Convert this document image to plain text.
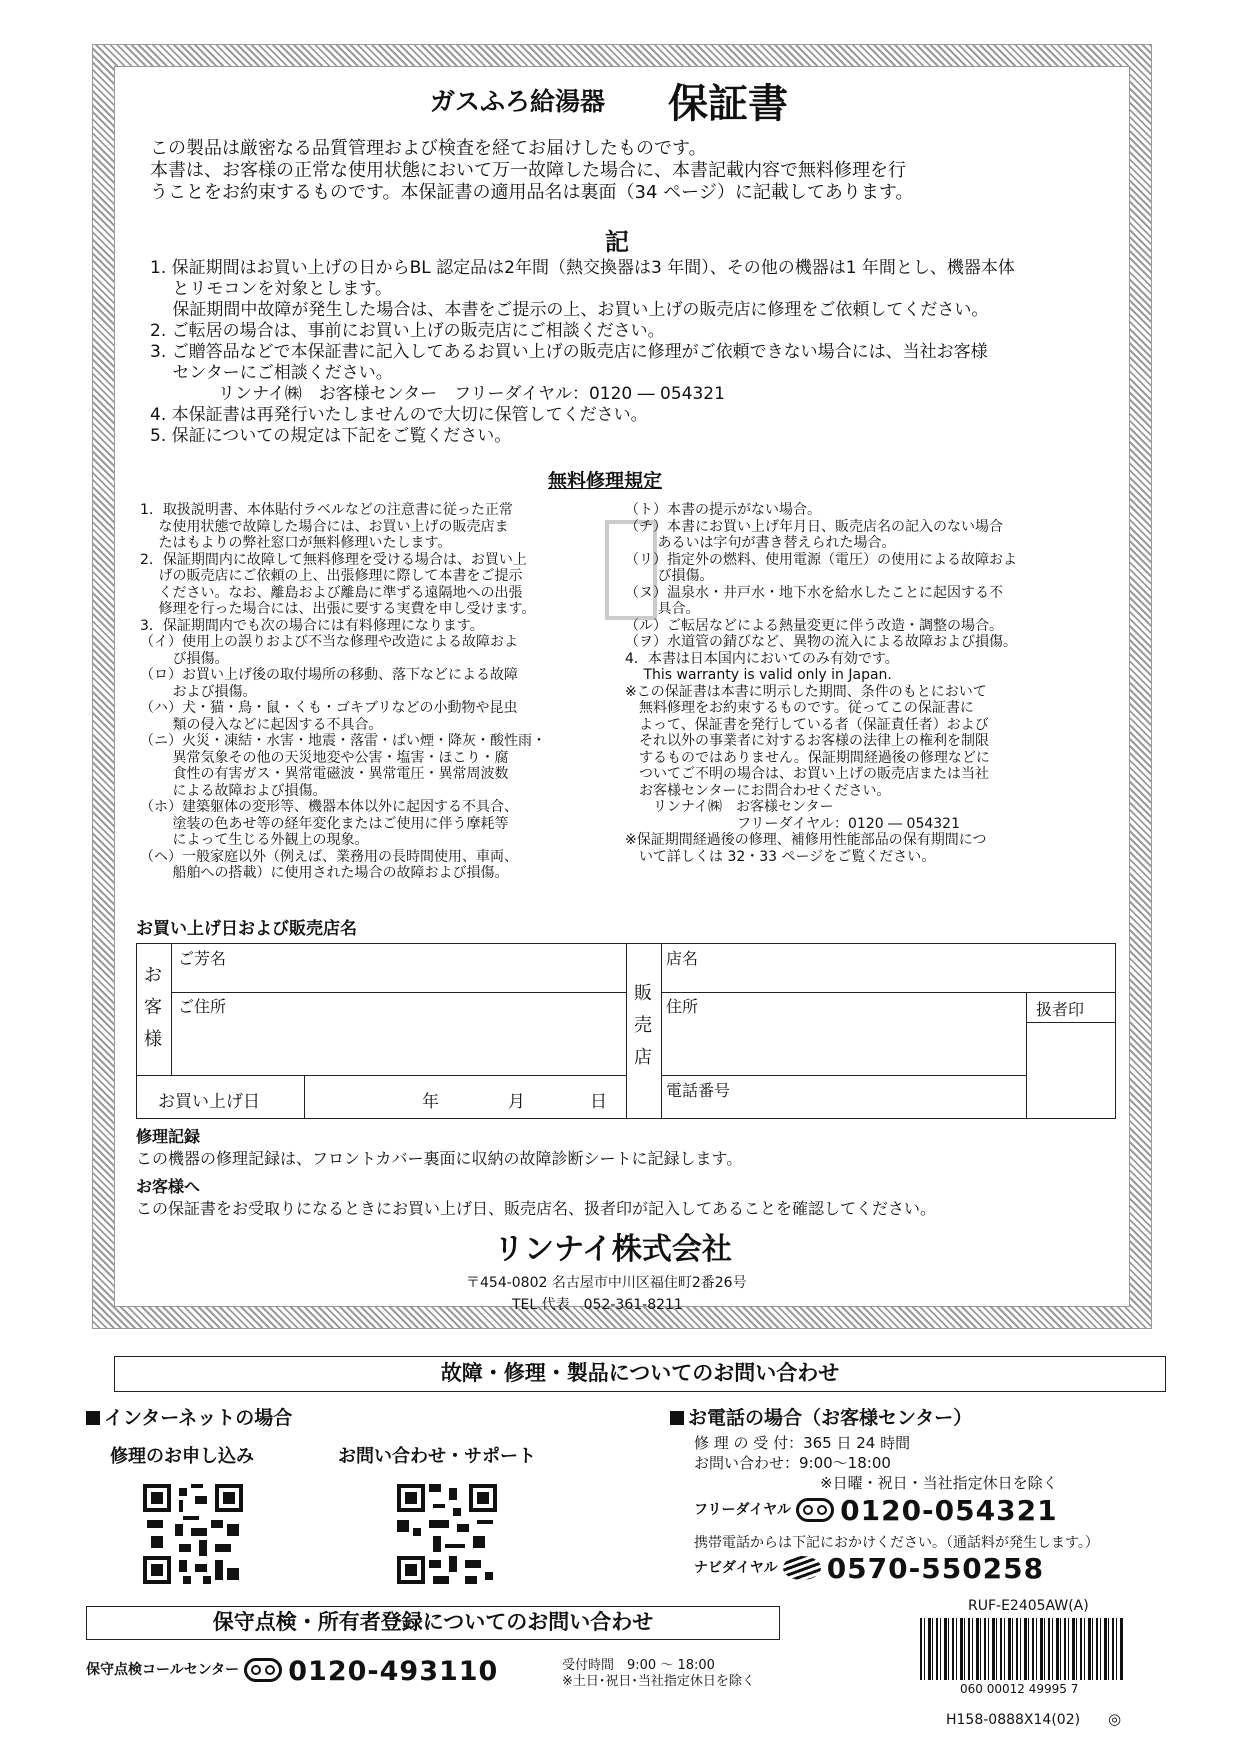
ガスふろ給湯器 保証書
この製品は厳密なる品質管理および検査を経てお届けしたものです。
本書は、お客様の正常な使用状態において万一故障した場合に、本書記載内容で無料修理を行
うことをお約束するものです。本保証書の適用品名は裏面（34 ページ）に記載してあります。
記
1. 保証期間はお買い上げの日からBL 認定品は2年間（熱交換器は3 年間）、その他の機器は1 年間とし、機器本体
　 とリモコンを対象とします。
　 保証期間中故障が発生した場合は、本書をご提示の上、お買い上げの販売店に修理をご依頼してください。
2. ご転居の場合は、事前にお買い上げの販売店にご相談ください。
3. ご贈答品などで本保証書に記入してあるお買い上げの販売店に修理がご依頼できない場合には、当社お客様
　 センターにご相談ください。
　　　　リンナイ㈱　お客様センター　フリーダイヤル：0120 ― 054321
4. 本保証書は再発行いたしませんので大切に保管してください。
5. 保証についての規定は下記をご覧ください。
無料修理規定
1．取扱説明書、本体貼付ラベルなどの注意書に従った正常
　 な使用状態で故障した場合には、お買い上げの販売店ま
　 たはもよりの弊社窓口が無料修理いたします。
2．保証期間内に故障して無料修理を受ける場合は、お買い上
　 げの販売店にご依頼の上、出張修理に際して本書をご提示
　 ください。なお、離島および離島に準ずる遠隔地への出張
　 修理を行った場合には、出張に要する実費を申し受けます。
3．保証期間内でも次の場合には有料修理になります。
（イ）使用上の誤りおよび不当な修理や改造による故障およ
　　 び損傷。
（ロ）お買い上げ後の取付場所の移動、落下などによる故障
　　 および損傷。
（ハ）犬・猫・鳥・鼠・くも・ゴキブリなどの小動物や昆虫
　　 類の侵入などに起因する不具合。
（ニ）火災・凍結・水害・地震・落雷・ばい煙・降灰・酸性雨・
　　 異常気象その他の天災地変や公害・塩害・ほこり・腐
　　 食性の有害ガス・異常電磁波・異常電圧・異常周波数
　　 による故障および損傷。
（ホ）建築躯体の変形等、機器本体以外に起因する不具合、
　　 塗装の色あせ等の経年変化またはご使用に伴う摩耗等
　　 によって生じる外観上の現象。
（ヘ）一般家庭以外（例えば、業務用の長時間使用、車両、
　　 船舶への搭載）に使用された場合の故障および損傷。
（ト）本書の提示がない場合。
（チ）本書にお買い上げ年月日、販売店名の記入のない場合
　　 あるいは字句が書き替えられた場合。
（リ）指定外の燃料、使用電源（電圧）の使用による故障およ
　　 び損傷。
（ヌ）温泉水・井戸水・地下水を給水したことに起因する不
　　 具合。
（ル）ご転居などによる熱量変更に伴う改造・調整の場合。
（ヲ）水道管の錆びなど、異物の流入による故障および損傷。
4．本書は日本国内においてのみ有効です。
　 This warranty is valid only in Japan.
※この保証書は本書に明示した期間、条件のもとにおいて
　無料修理をお約束するものです。従ってこの保証書に
　よって、保証書を発行している者（保証責任者）および
　それ以外の事業者に対するお客様の法律上の権利を制限
　するものではありません。保証期間経過後の修理などに
　ついてご不明の場合は、お買い上げの販売店または当社
　お客様センターにお問合わせください。
　　リンナイ㈱　お客様センター
　　　　　　　　フリーダイヤル：0120 ― 054321
※保証期間経過後の修理、補修用性能部品の保有期間につ
　いて詳しくは 32・33 ページをご覧ください。
お買い上げ日および販売店名
お客様
ご芳名
ご住所
お買い上げ日	年	月	日
販売店
店名
住所	扱者印
電話番号
修理記録
この機器の修理記録は、フロントカバー裏面に収納の故障診断シートに記録します。
お客様へ
この保証書をお受取りになるときにお買い上げ日、販売店名、扱者印が記入してあることを確認してください。
リンナイ株式会社
〒454-0802 名古屋市中川区福住町2番26号
TEL 代表　052-361-8211
故障・修理・製品についてのお問い合わせ
インターネットの場合
修理のお申し込み	お問い合わせ・サポート
お電話の場合（お客様センター）
修 理 の 受 付：365 日 24 時間
お問い合わせ：9:00～18:00
※日曜・祝日・当社指定休日を除く
フリーダイヤル 0120-054321
携帯電話からは下記におかけください。（通話料が発生します。）
ナビダイヤル 0570-550258
RUF-E2405AW(A)
保守点検・所有者登録についてのお問い合わせ
保守点検コールセンター 0120-493110	受付時間　9:00 ～ 18:00
※土日･祝日･当社指定休日を除く	060 00012 49995 7
H158-0888X14(02) ◎
